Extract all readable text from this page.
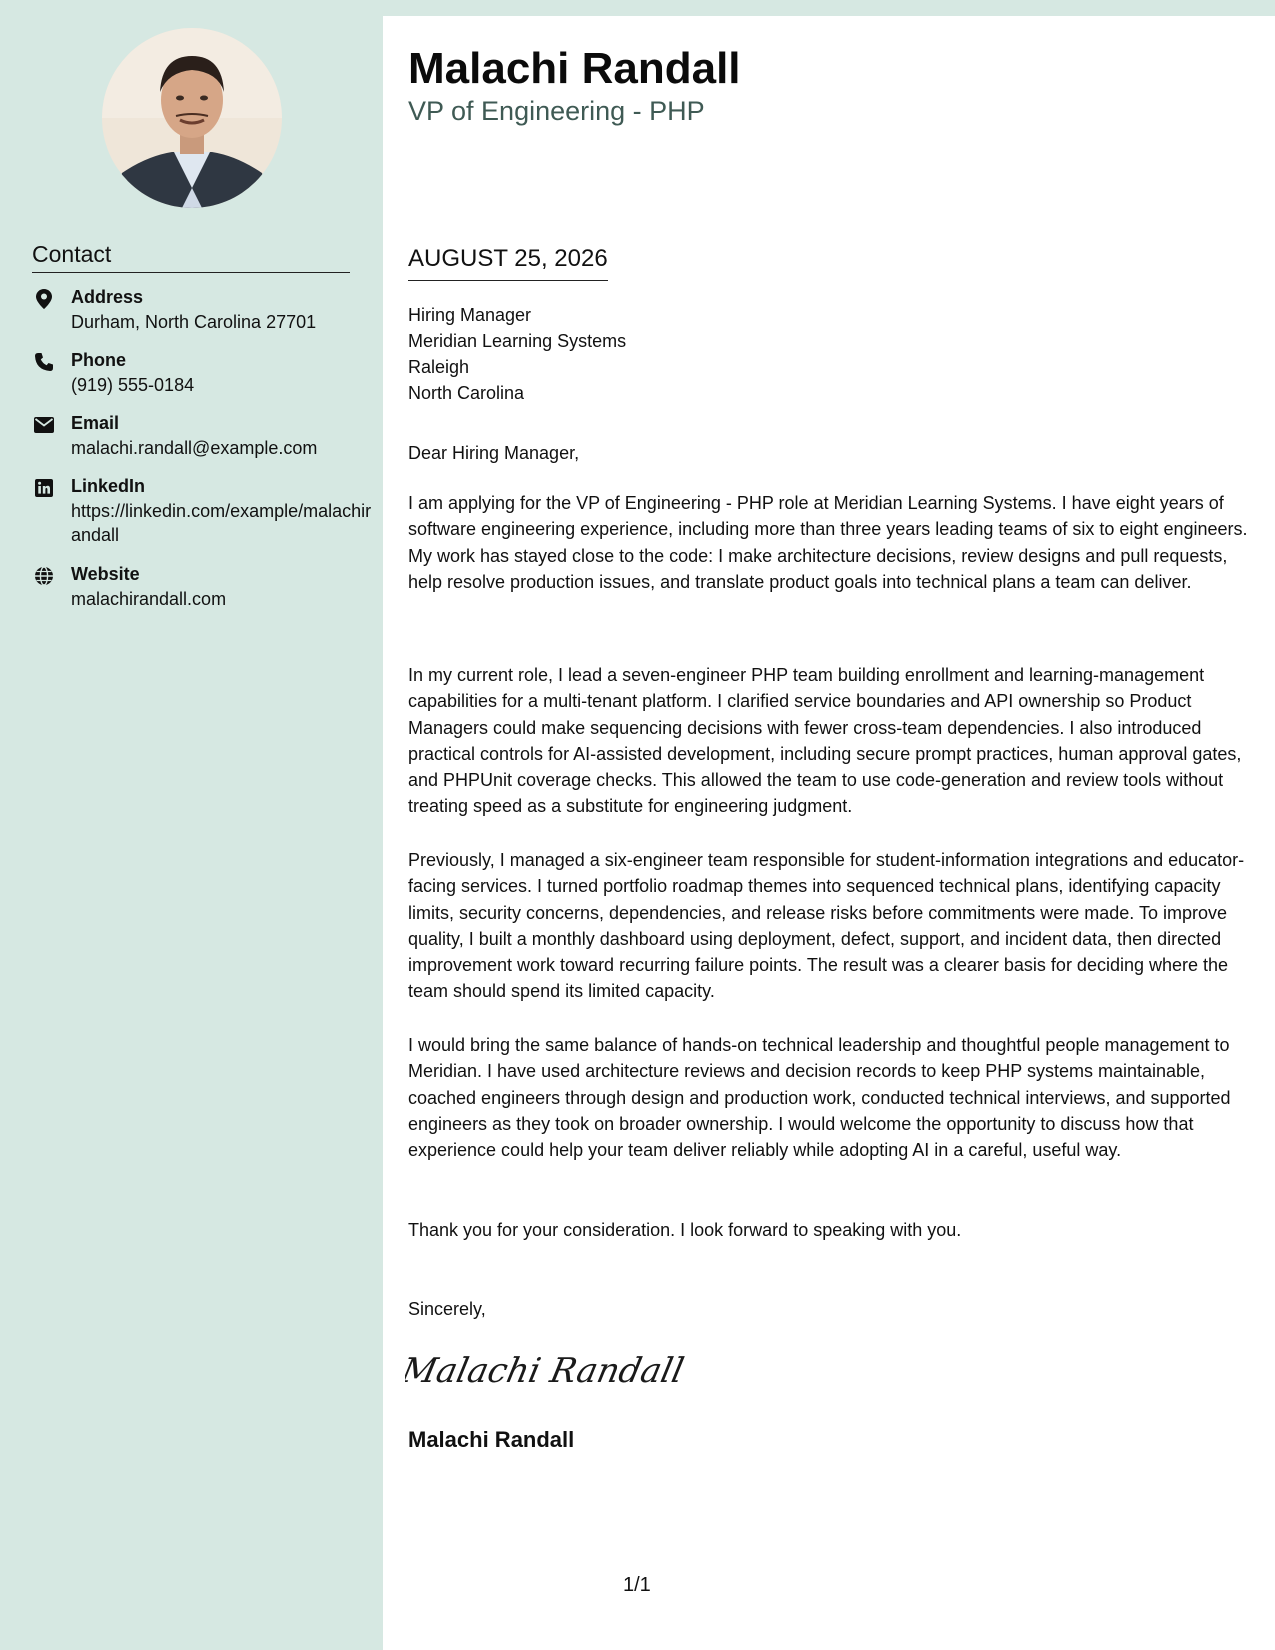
Contact
Address
Durham, North Carolina 27701
Phone
(919) 555-0184
Email
malachi.randall@example.com
LinkedIn
https://linkedin.com/example/malachirandall
Website
malachirandall.com
Malachi Randall
VP of Engineering - PHP
AUGUST 25, 2026
Hiring Manager
Meridian Learning Systems
Raleigh
North Carolina
Dear Hiring Manager,
I am applying for the VP of Engineering - PHP role at Meridian Learning Systems. I have eight years of software engineering experience, including more than three years leading teams of six to eight engineers. My work has stayed close to the code: I make architecture decisions, review designs and pull requests, help resolve production issues, and translate product goals into technical plans a team can deliver.
In my current role, I lead a seven-engineer PHP team building enrollment and learning-management capabilities for a multi-tenant platform. I clarified service boundaries and API ownership so Product Managers could make sequencing decisions with fewer cross-team dependencies. I also introduced practical controls for AI-assisted development, including secure prompt practices, human approval gates, and PHPUnit coverage checks. This allowed the team to use code-generation and review tools without treating speed as a substitute for engineering judgment.
Previously, I managed a six-engineer team responsible for student-information integrations and educator-facing services. I turned portfolio roadmap themes into sequenced technical plans, identifying capacity limits, security concerns, dependencies, and release risks before commitments were made. To improve quality, I built a monthly dashboard using deployment, defect, support, and incident data, then directed improvement work toward recurring failure points. The result was a clearer basis for deciding where the team should spend its limited capacity.
I would bring the same balance of hands-on technical leadership and thoughtful people management to Meridian. I have used architecture reviews and decision records to keep PHP systems maintainable, coached engineers through design and production work, conducted technical interviews, and supported engineers as they took on broader ownership. I would welcome the opportunity to discuss how that experience could help your team deliver reliably while adopting AI in a careful, useful way.
Thank you for your consideration. I look forward to speaking with you.
Sincerely,
Malachi Randall
Malachi Randall
1/1
